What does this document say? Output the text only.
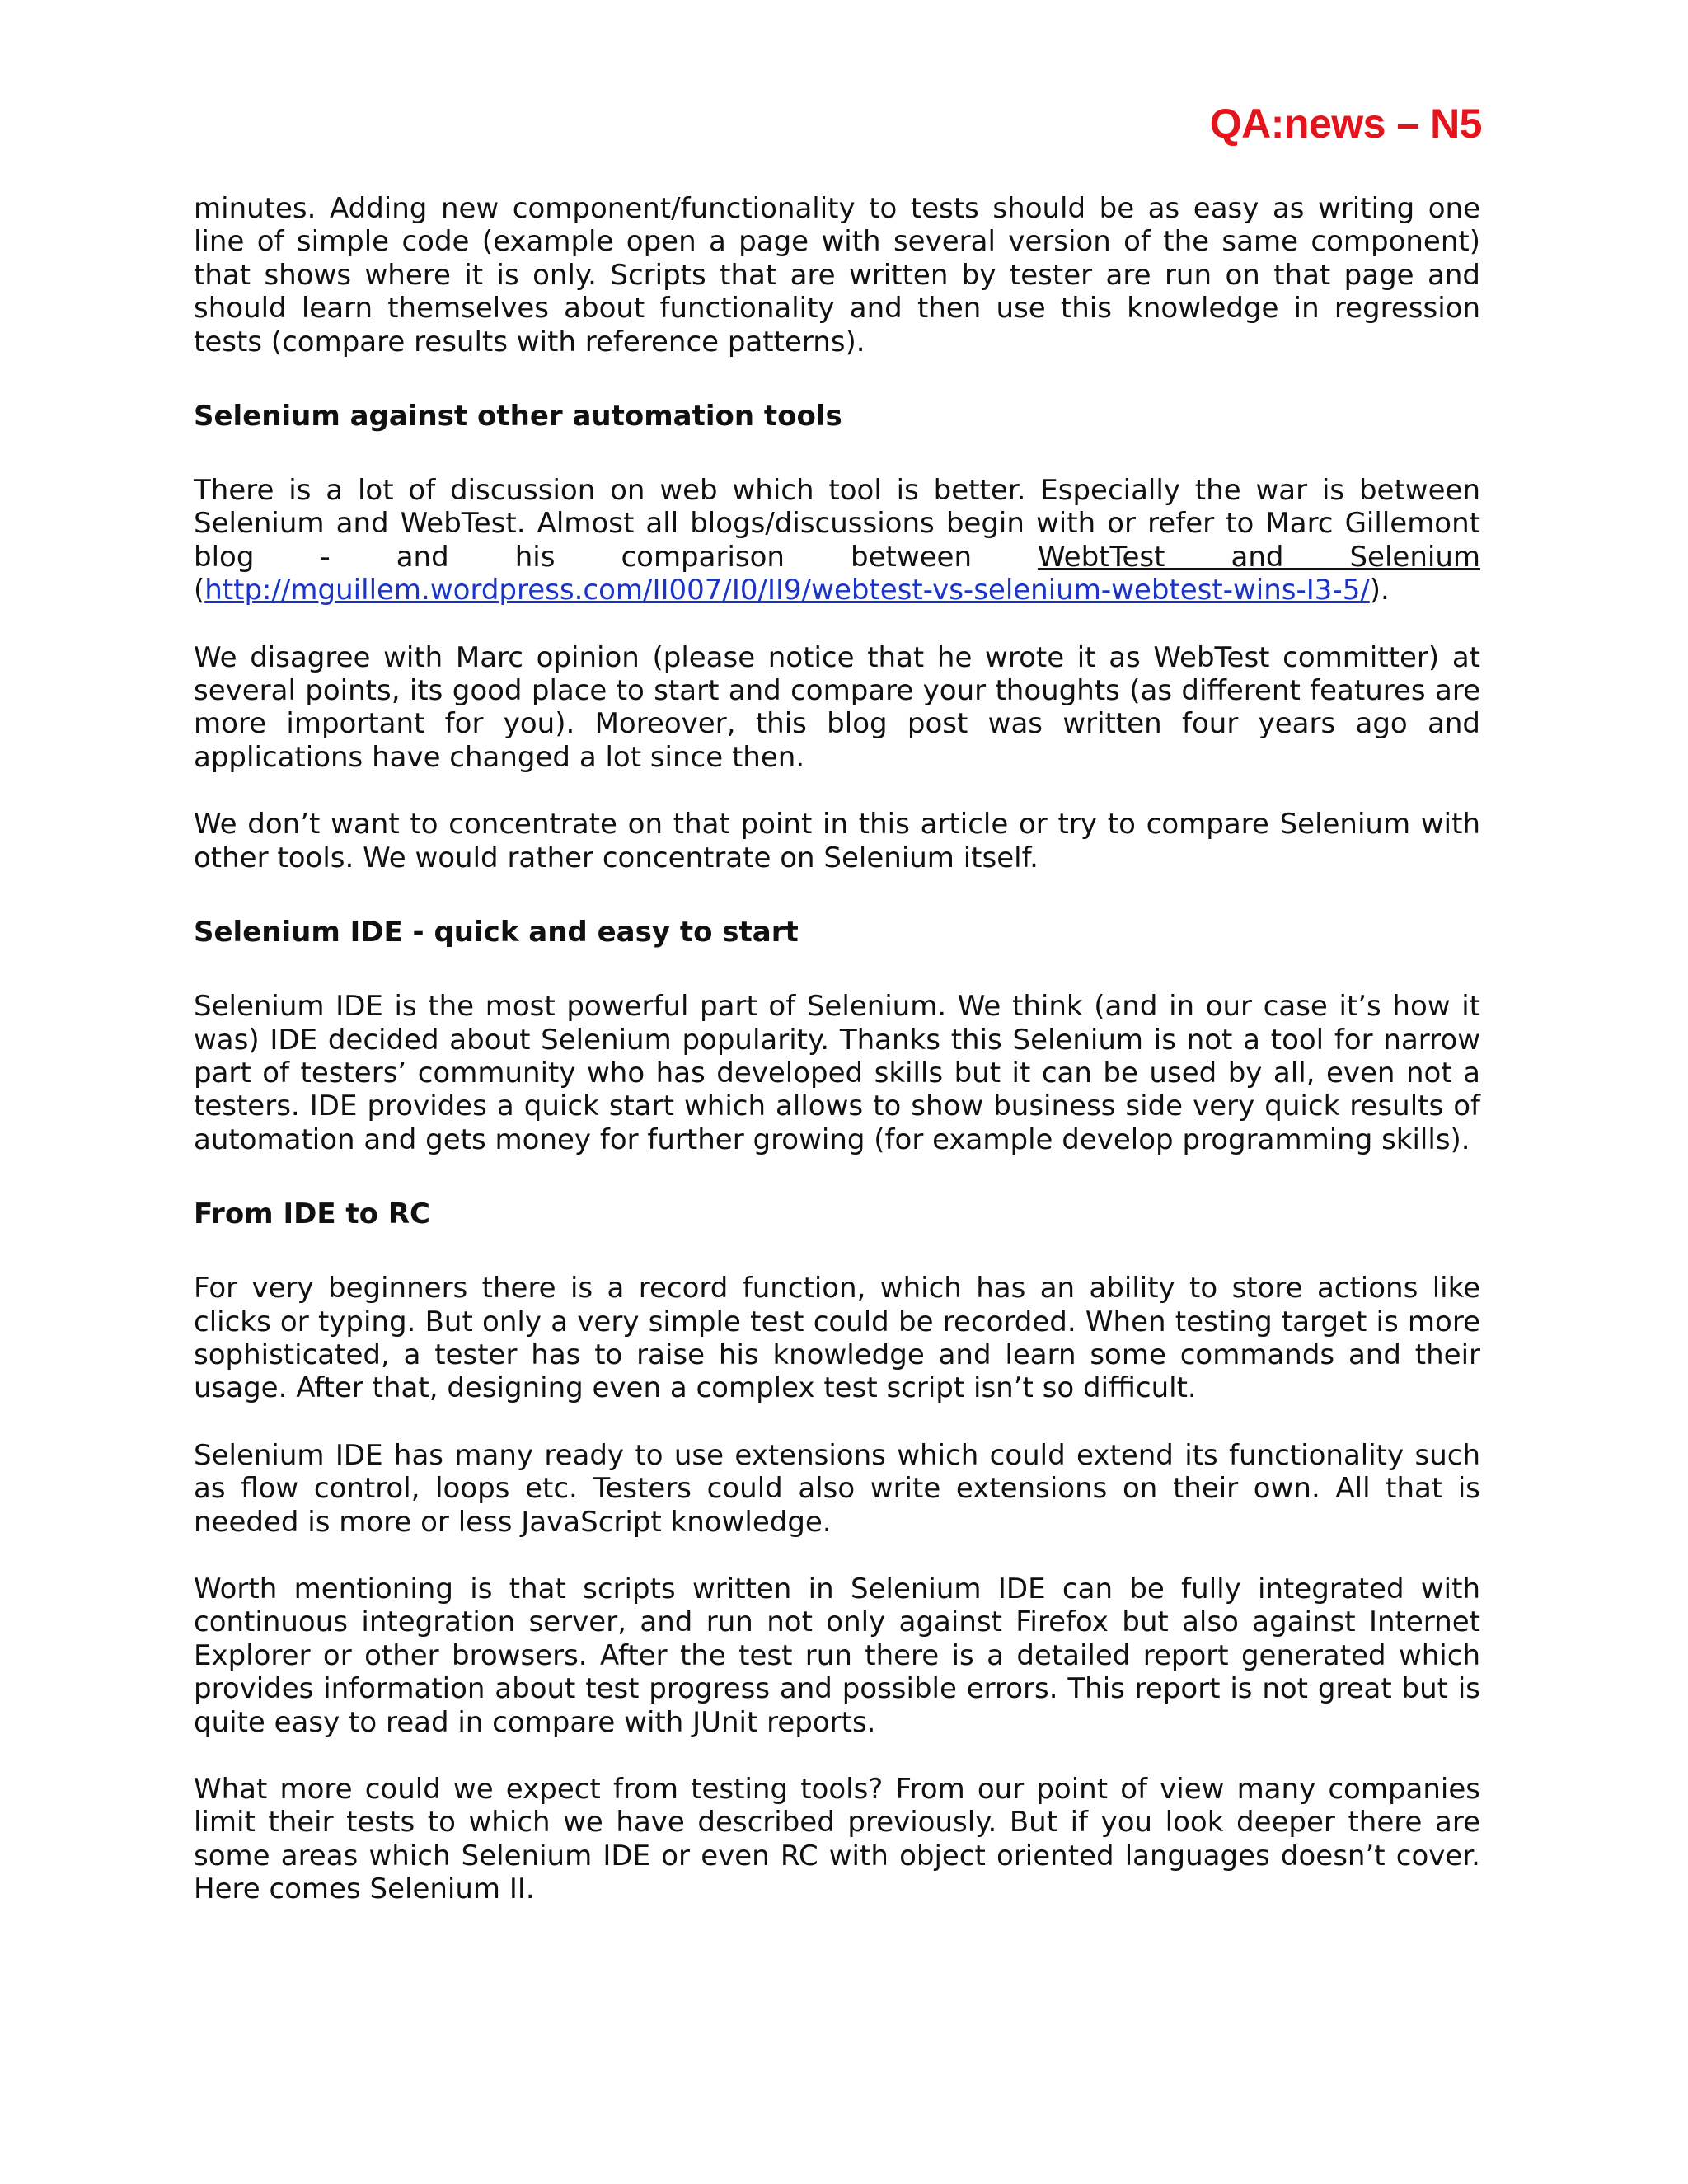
QA:news – N5

minutes. Adding new component/functionality to tests should be as easy as writing one line of simple code (example open a page with several version of the same component) that shows where it is only. Scripts that are written by tester are run on that page and should learn themselves about functionality and then use this knowledge in regression tests (compare results with reference patterns).

Selenium against other automation tools

There is a lot of discussion on web which tool is better. Especially the war is between Selenium and WebTest. Almost all blogs/discussions begin with or refer to Marc Gillemont blog - and his comparison between WebtTest and Selenium (http://mguillem.wordpress.com/II007/I0/II9/webtest-vs-selenium-webtest-wins-I3-5/).

We disagree with Marc opinion (please notice that he wrote it as WebTest committer) at several points, its good place to start and compare your thoughts (as different features are more important for you). Moreover, this blog post was written four years ago and applications have changed a lot since then.

We don’t want to concentrate on that point in this article or try to compare Selenium with other tools. We would rather concentrate on Selenium itself.

Selenium IDE - quick and easy to start

Selenium IDE is the most powerful part of Selenium. We think (and in our case it’s how it was) IDE decided about Selenium popularity. Thanks this Selenium is not a tool for narrow part of testers’ community who has developed skills but it can be used by all, even not a testers. IDE provides a quick start which allows to show business side very quick results of automation and gets money for further growing (for example develop programming skills).

From IDE to RC

For very beginners there is a record function, which has an ability to store actions like clicks or typing. But only a very simple test could be recorded. When testing target is more sophisticated, a tester has to raise his knowledge and learn some commands and their usage. After that, designing even a complex test script isn’t so difficult.

Selenium IDE has many ready to use extensions which could extend its functionality such as flow control, loops etc. Testers could also write extensions on their own. All that is needed is more or less JavaScript knowledge.

Worth mentioning is that scripts written in Selenium IDE can be fully integrated with continuous integration server, and run not only against Firefox but also against Internet Explorer or other browsers. After the test run there is a detailed report generated which provides information about test progress and possible errors. This report is not great but is quite easy to read in compare with JUnit reports.

What more could we expect from testing tools? From our point of view many companies limit their tests to which we have described previously. But if you look deeper there are some areas which Selenium IDE or even RC with object oriented languages doesn’t cover. Here comes Selenium II.
